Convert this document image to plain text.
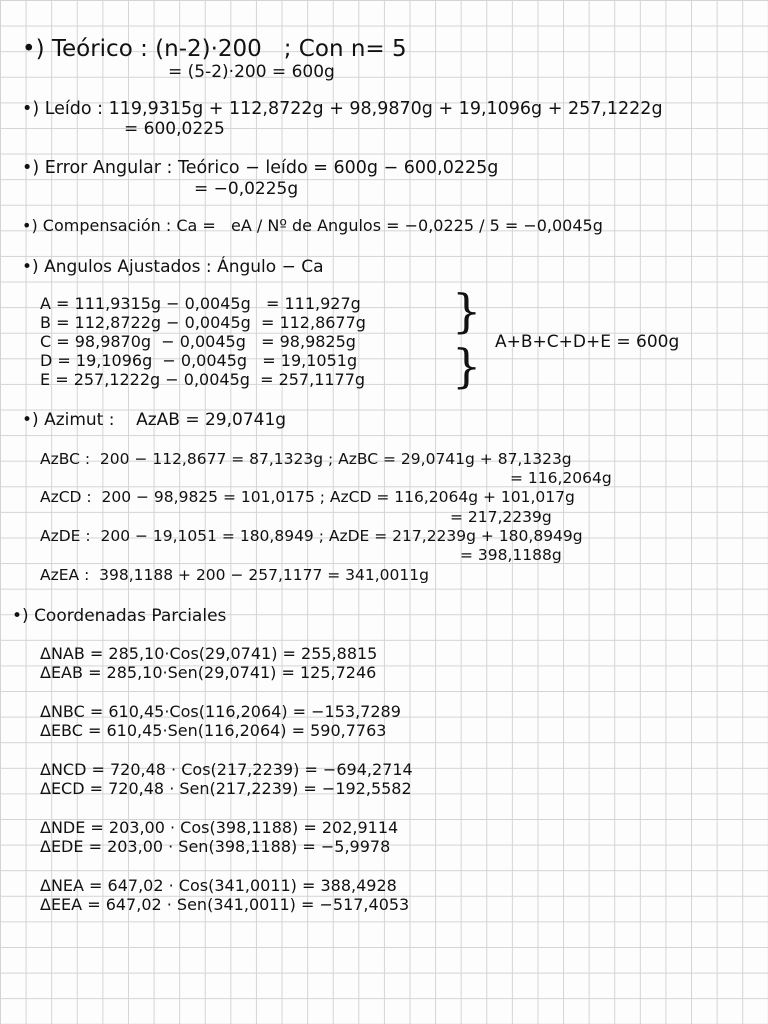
•) Teórico : (n-2)·200   ; Con n= 5
= (5-2)·200 = 600g
•) Leído : 119,9315g + 112,8722g + 98,9870g + 19,1096g + 257,1222g
= 600,0225
•) Error Angular : Teórico − leído = 600g − 600,0225g
= −0,0225g
•) Compensación : Ca =   eA / Nº de Angulos = −0,0225 / 5 = −0,0045g
•) Angulos Ajustados : Ángulo − Ca
A = 111,9315g − 0,0045g   = 111,927g
B = 112,8722g − 0,0045g  = 112,8677g
C = 98,9870g  − 0,0045g   = 98,9825g
D = 19,1096g  − 0,0045g   = 19,1051g
E = 257,1222g − 0,0045g  = 257,1177g
}
} A+B+C+D+E = 600g
•) Azimut :    AzAB = 29,0741g
AzBC :  200 − 112,8677 = 87,1323g ; AzBC = 29,0741g + 87,1323g
= 116,2064g
AzCD :  200 − 98,9825 = 101,0175 ; AzCD = 116,2064g + 101,017g
= 217,2239g
AzDE :  200 − 19,1051 = 180,8949 ; AzDE = 217,2239g + 180,8949g
= 398,1188g
AzEA :  398,1188 + 200 − 257,1177 = 341,0011g
•) Coordenadas Parciales
ΔNAB = 285,10·Cos(29,0741) = 255,8815
ΔEAB = 285,10·Sen(29,0741) = 125,7246
ΔNBC = 610,45·Cos(116,2064) = −153,7289
ΔEBC = 610,45·Sen(116,2064) = 590,7763
ΔNCD = 720,48 · Cos(217,2239) = −694,2714
ΔECD = 720,48 · Sen(217,2239) = −192,5582
ΔNDE = 203,00 · Cos(398,1188) = 202,9114
ΔEDE = 203,00 · Sen(398,1188) = −5,9978
ΔNEA = 647,02 · Cos(341,0011) = 388,4928
ΔEEA = 647,02 · Sen(341,0011) = −517,4053
